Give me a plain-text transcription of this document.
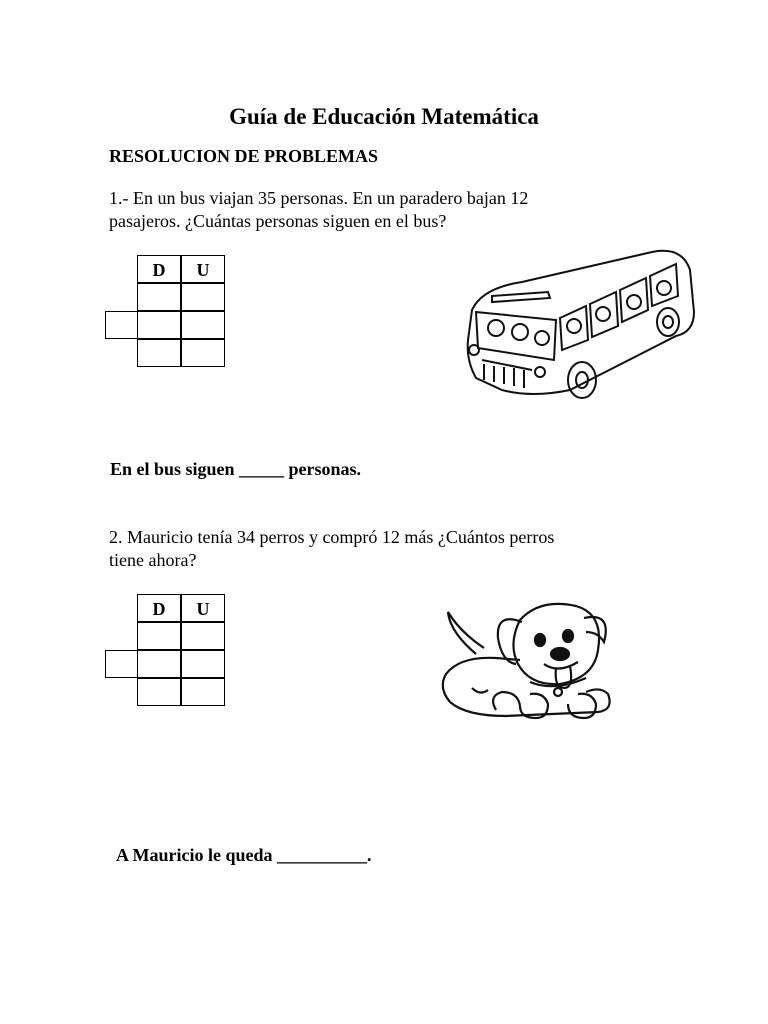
Guía de Educación Matemática
RESOLUCION DE PROBLEMAS
1.- En un bus viajan 35 personas. En un paradero bajan 12
pasajeros. ¿Cuántas personas siguen en el bus?
D	U
En el bus siguen _____ personas.
2. Mauricio tenía 34 perros y compró 12 más ¿Cuántos perros
tiene ahora?
D	U
A Mauricio le queda __________.
